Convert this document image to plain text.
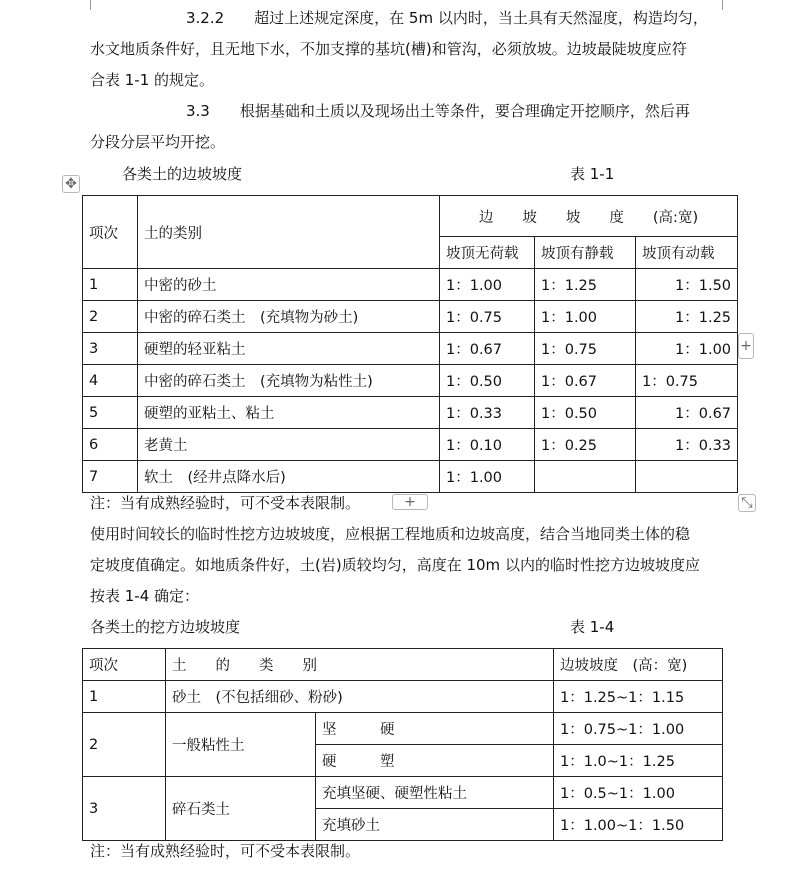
3.2.2　　超过上述规定深度，在 5m 以内时，当土具有天然湿度，构造均匀，
水文地质条件好，且无地下水，不加支撑的基坑(槽)和管沟，必须放坡。边坡最陡坡度应符
合表 1-1 的规定。
3.3　　根据基础和土质以及现场出土等条件，要合理确定开挖顺序，然后再
分段分层平均开挖。
✥
各类土的边坡坡度	表 1-1
项次	土的类别	边　　坡　　坡　　度　　(高:宽)		
		坡顶无荷载	坡顶有静载	坡顶有动载
1	中密的砂土	1：1.00	1：1.25	1：1.50
2	中密的碎石类土　(充填物为砂土)	1：0.75	1：1.00	1：1.25
3	硬塑的轻亚粘土	1：0.67	1：0.75	1：1.00
4	中密的碎石类土　(充填物为粘性土)	1：0.50	1：0.67	1：0.75
5	硬塑的亚粘土、粘土	1：0.33	1：0.50	1：0.67
6	老黄土	1：0.10	1：0.25	1：0.33
7	软土　(经井点降水后)	1：1.00		
+
+	⤡
注：当有成熟经验时，可不受本表限制。
使用时间较长的临时性挖方边坡坡度，应根据工程地质和边坡高度，结合当地同类土体的稳
定坡度值确定。如地质条件好，土(岩)质较均匀，高度在 10m 以内的临时性挖方边坡坡度应
按表 1-4 确定：
各类土的挖方边坡坡度	表 1-4
项次	土　　的　　类　　别		边坡坡度　(高：宽)
1	砂土　(不包括细砂、粉砂)		1：1.25~1：1.15
2	一般粘性土	坚　　　硬	1：0.75~1：1.00
		硬　　　塑	1：1.0~1：1.25
3	碎石类土	充填坚硬、硬塑性粘土	1：0.5~1：1.00
		充填砂土	1：1.00~1：1.50
注：当有成熟经验时，可不受本表限制。
